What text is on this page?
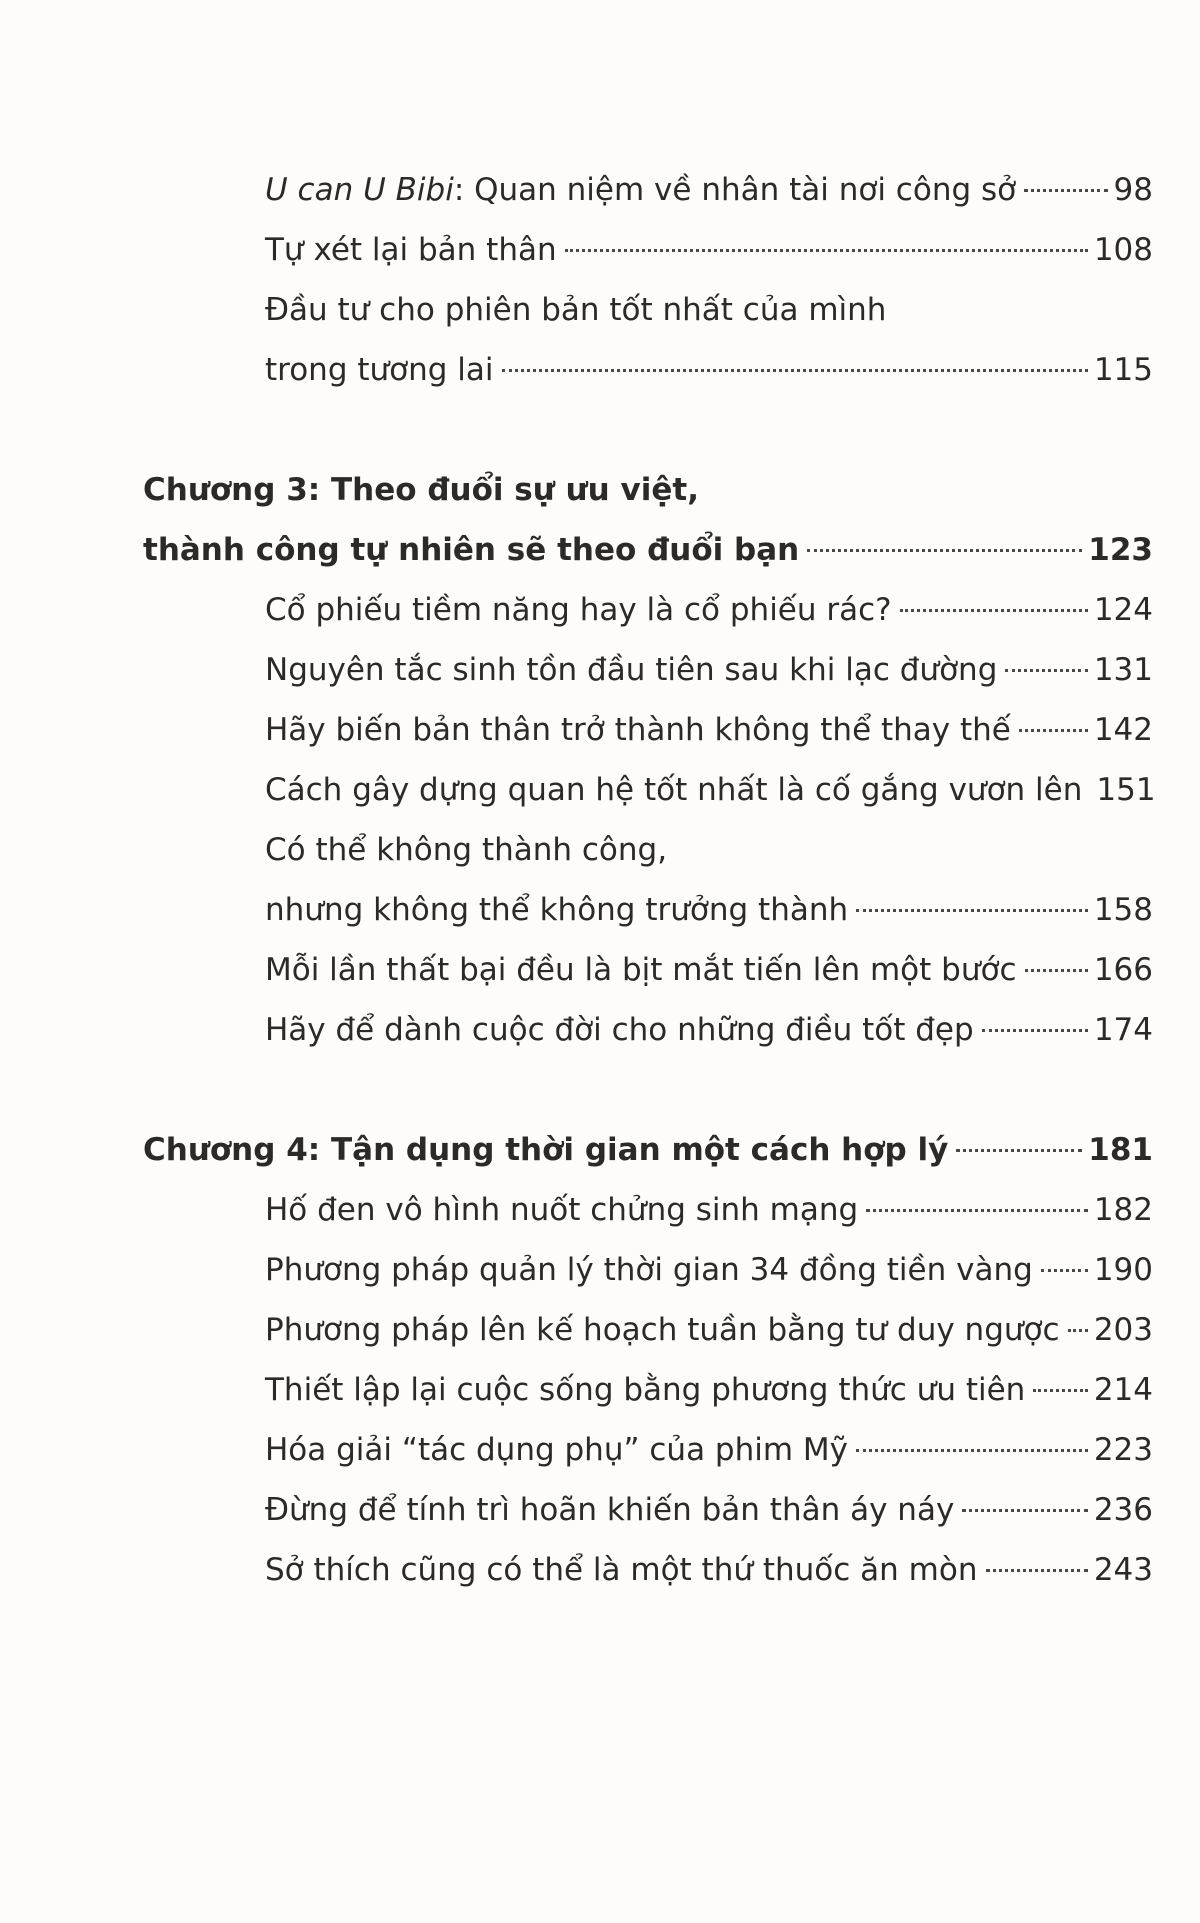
U can U Bibi: Quan niệm về nhân tài nơi công sở	98
Tự xét lại bản thân	108
Đầu tư cho phiên bản tốt nhất của mình
trong tương lai	115
Chương 3: Theo đuổi sự ưu việt,
thành công tự nhiên sẽ theo đuổi bạn	123
Cổ phiếu tiềm năng hay là cổ phiếu rác?	124
Nguyên tắc sinh tồn đầu tiên sau khi lạc đường	131
Hãy biến bản thân trở thành không thể thay thế	142
Cách gây dựng quan hệ tốt nhất là cố gắng vươn lên 151
Có thể không thành công,
nhưng không thể không trưởng thành	158
Mỗi lần thất bại đều là bịt mắt tiến lên một bước 166
Hãy để dành cuộc đời cho những điều tốt đẹp	174
Chương 4: Tận dụng thời gian một cách hợp lý	181
Hố đen vô hình nuốt chửng sinh mạng	182
Phương pháp quản lý thời gian 34 đồng tiền vàng 190
Phương pháp lên kế hoạch tuần bằng tư duy ngược 203
Thiết lập lại cuộc sống bằng phương thức ưu tiên 214
Hóa giải “tác dụng phụ” của phim Mỹ	223
Đừng để tính trì hoãn khiến bản thân áy náy	236
Sở thích cũng có thể là một thứ thuốc ăn mòn	243
